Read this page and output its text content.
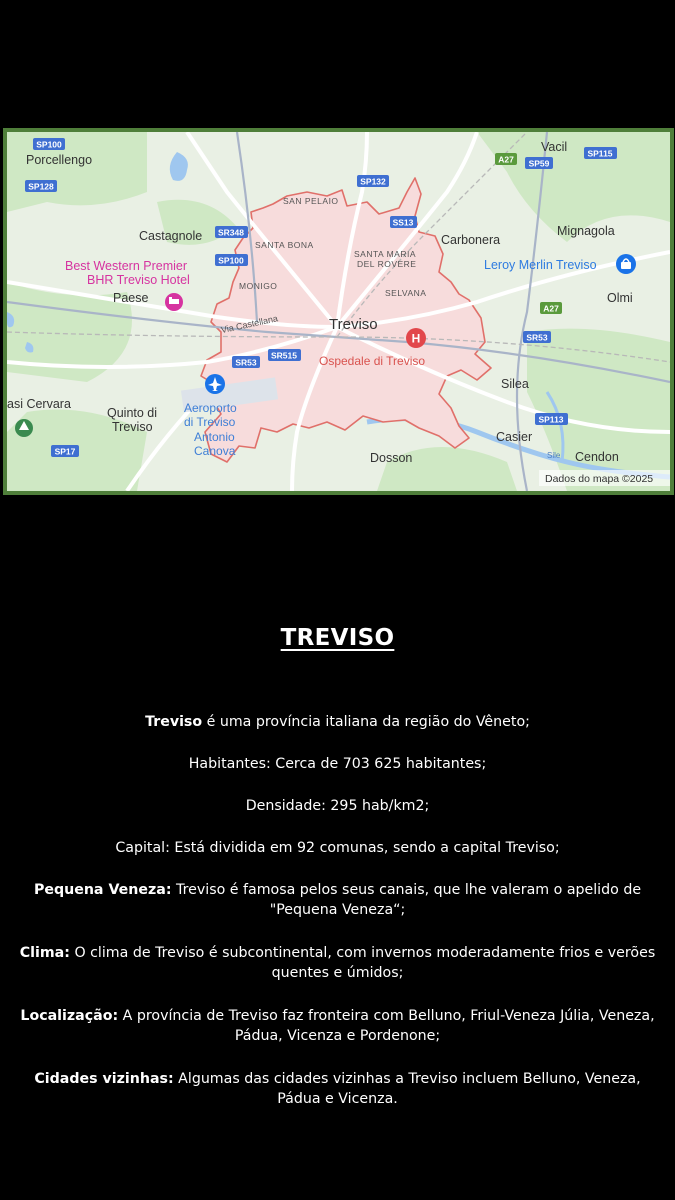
SP100
SP128
SR348
SP100
SP132
SS13
A27 SP59
SP115
A27
SR53
SR53
SR515
SP113
SP17
Porcellengo
Vacil
Castagnole	Carbonera
Mignagola
Paese	Olmi
Silea
Quinto di
Treviso
Casier
Cendon
Dosson
asi Cervara
Treviso
SAN PELAIO
SANTA BONA
SANTA MARIA
DEL ROVERE
MONIGO
SELVANA
Via Castellana
Sile
Best Western Premier
BHR Treviso Hotel
H
Ospedale di Treviso
Leroy Merlin Treviso
Aeroporto
di Treviso
Antonio
Canova
Dados do mapa ©2025
TREVISO
Treviso é uma província italiana da região do Vêneto;
Habitantes: Cerca de 703 625 habitantes;
Densidade: 295 hab/km2;
Capital: Está dividida em 92 comunas, sendo a capital Treviso;
Pequena Veneza: Treviso é famosa pelos seus canais, que lhe valeram o apelido de "Pequena Veneza“;
Clima: O clima de Treviso é subcontinental, com invernos moderadamente frios e verões quentes e úmidos;
Localização: A província de Treviso faz fronteira com Belluno, Friul-Veneza Júlia, Veneza, Pádua, Vicenza e Pordenone;
Cidades vizinhas: Algumas das cidades vizinhas a Treviso incluem Belluno, Veneza, Pádua e Vicenza.
